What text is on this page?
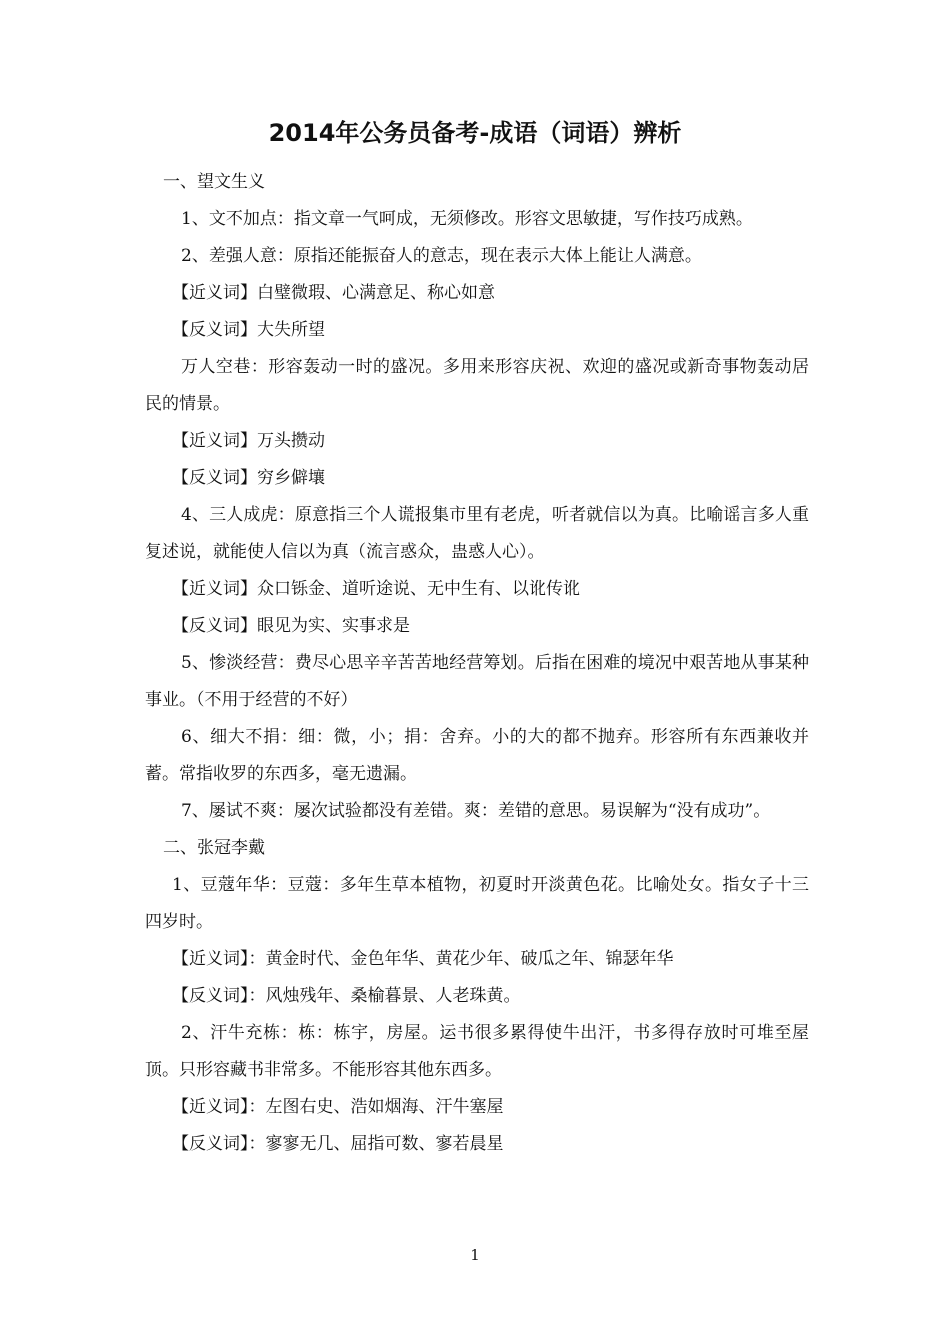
2014年公务员备考-成语（词语）辨析

一、望文生义

1、文不加点：指文章一气呵成，无须修改。形容文思敏捷，写作技巧成熟。

2、差强人意：原指还能振奋人的意志，现在表示大体上能让人满意。

【近义词】白璧微瑕、心满意足、称心如意

【反义词】大失所望

万人空巷：形容轰动一时的盛况。多用来形容庆祝、欢迎的盛况或新奇事物轰动居民的情景。

【近义词】万头攒动

【反义词】穷乡僻壤

4、三人成虎：原意指三个人谎报集市里有老虎，听者就信以为真。比喻谣言多人重复述说，就能使人信以为真（流言惑众，蛊惑人心）。

【近义词】众口铄金、道听途说、无中生有、以讹传讹

【反义词】眼见为实、实事求是

5、惨淡经营：费尽心思辛辛苦苦地经营筹划。后指在困难的境况中艰苦地从事某种事业。（不用于经营的不好）

6、细大不捐：细：微，小；捐：舍弃。小的大的都不抛弃。形容所有东西兼收并蓄。常指收罗的东西多，毫无遗漏。

7、屡试不爽：屡次试验都没有差错。爽：差错的意思。易误解为“没有成功”。

二、张冠李戴

1、豆蔻年华：豆蔻：多年生草本植物，初夏时开淡黄色花。比喻处女。指女子十三四岁时。

【近义词】：黄金时代、金色年华、黄花少年、破瓜之年、锦瑟年华

【反义词】：风烛残年、桑榆暮景、人老珠黄。

2、汗牛充栋：栋：栋宇，房屋。运书很多累得使牛出汗，书多得存放时可堆至屋顶。只形容藏书非常多。不能形容其他东西多。

【近义词】：左图右史、浩如烟海、汗牛塞屋

【反义词】：寥寥无几、屈指可数、寥若晨星

1
